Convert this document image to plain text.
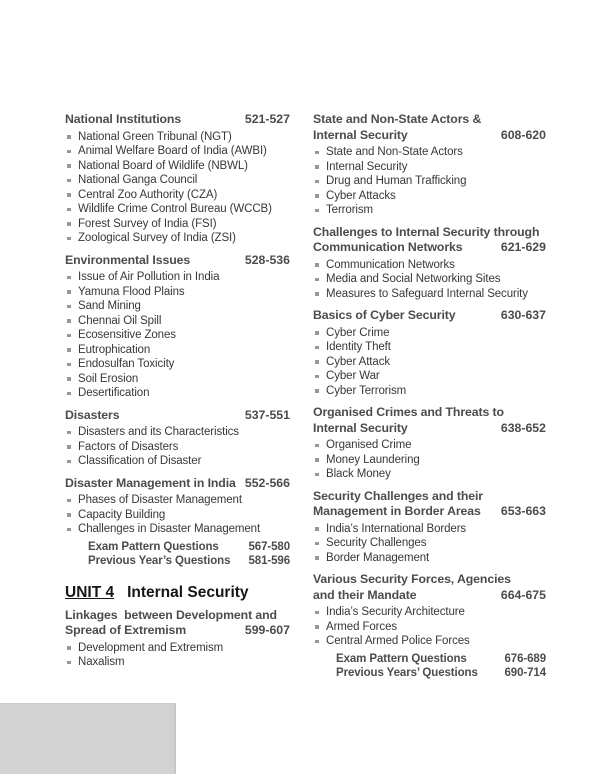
National Institutions	521-527
National Green Tribunal (NGT)
Animal Welfare Board of India (AWBI)
National Board of Wildlife (NBWL)
National Ganga Council
Central Zoo Authority (CZA)
Wildlife Crime Control Bureau (WCCB)
Forest Survey of India (FSI)
Zoological Survey of India (ZSI)
Environmental Issues	528-536
Issue of Air Pollution in India
Yamuna Flood Plains
Sand Mining
Chennai Oil Spill
Ecosensitive Zones
Eutrophication
Endosulfan Toxicity
Soil Erosion
Desertification
Disasters	537-551
Disasters and its Characteristics
Factors of Disasters
Classification of Disaster
Disaster Management in India 552-566
Phases of Disaster Management
Capacity Building
Challenges in Disaster Management
Exam Pattern Questions	567-580
Previous Year’s Questions 581-596
UNIT 4 Internal Security
Linkages  between Development and
Spread of Extremism	599-607
Development and Extremism
Naxalism
State and Non-State Actors &
Internal Security	608-620
State and Non-State Actors
Internal Security
Drug and Human Trafficking
Cyber Attacks
Terrorism
Challenges to Internal Security through
Communication Networks	621-629
Communication Networks
Media and Social Networking Sites
Measures to Safeguard Internal Security
Basics of Cyber Security	630-637
Cyber Crime
Identity Theft
Cyber Attack
Cyber War
Cyber Terrorism
Organised Crimes and Threats to
Internal Security	638-652
Organised Crime
Money Laundering
Black Money
Security Challenges and their
Management in Border Areas 653-663
India’s International Borders
Security Challenges
Border Management
Various Security Forces, Agencies
and their Mandate	664-675
India’s Security Architecture
Armed Forces
Central Armed Police Forces
Exam Pattern Questions	676-689
Previous Years’ Questions 690-714
